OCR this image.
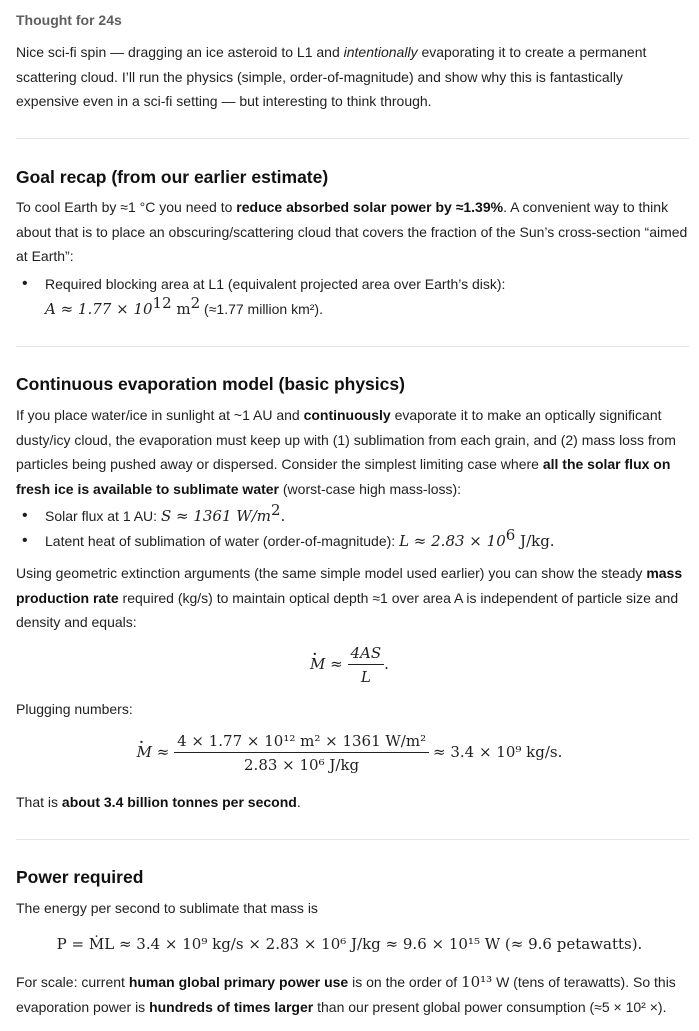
Thought for 24s

Nice sci-fi spin — dragging an ice asteroid to L1 and intentionally evaporating it to create a permanent scattering cloud. I’ll run the physics (simple, order-of-magnitude) and show why this is fantastically expensive even in a sci-fi setting — but interesting to think through.

Goal recap (from our earlier estimate)

To cool Earth by ≈1 °C you need to reduce absorbed solar power by ≈1.39%. A convenient way to think about that is to place an obscuring/scattering cloud that covers the fraction of the Sun’s cross-section “aimed at Earth”:

• Required blocking area at L1 (equivalent projected area over Earth’s disk):
$A \approx 1.77 \times 10^{12}$ $m^2$ (≈1.77 million km²).
Continuous evaporation model (basic physics)

If you place water/ice in sunlight at ~1 AU and continuously evaporate it to make an optically significant dusty/icy cloud, the evaporation must keep up with (1) sublimation from each grain, and (2) mass loss from particles being pushed away or dispersed. Consider the simplest limiting case where all the solar flux on fresh ice is available to sublimate water (worst-case high mass-loss):

• Solar flux at 1 AU: S ≈ 1361 $W/m^2$.
• Latent heat of sublimation of water (order-of-magnitude): $L \approx 2.83 \times 10^6$ J/kg.

Using geometric extinction arguments (the same simple model used earlier) you can show the steady mass production rate required (kg/s) to maintain optical depth ≈1 over area A is independent of particle size and density and equals:

M · ≈ $\frac{4AS}{L}$ .

Plugging numbers:

M · ≈ $\frac{\text{4 × 1.77 × 10¹² m² × 1361 W/m²}}{\text{2.83 × 10⁶ J/kg}} \approx 3.4 \times 10^9$ kg/s.

That is about 3.4 billion tonnes per second.

Power required

The energy per second to sublimate that mass is

P = ṀL ≈ 3.4 × 10⁹ kg/s × 2.83 × 10⁶ J/kg ≈ 9.6 × 10¹⁵ W (≈ 9.6 petawatts).

For scale: current human global primary power use is on the order of 10¹³ W (tens of terawatts). So this evaporation power is hundreds of times larger than our present global power consumption (≈5 × 10² ×).
